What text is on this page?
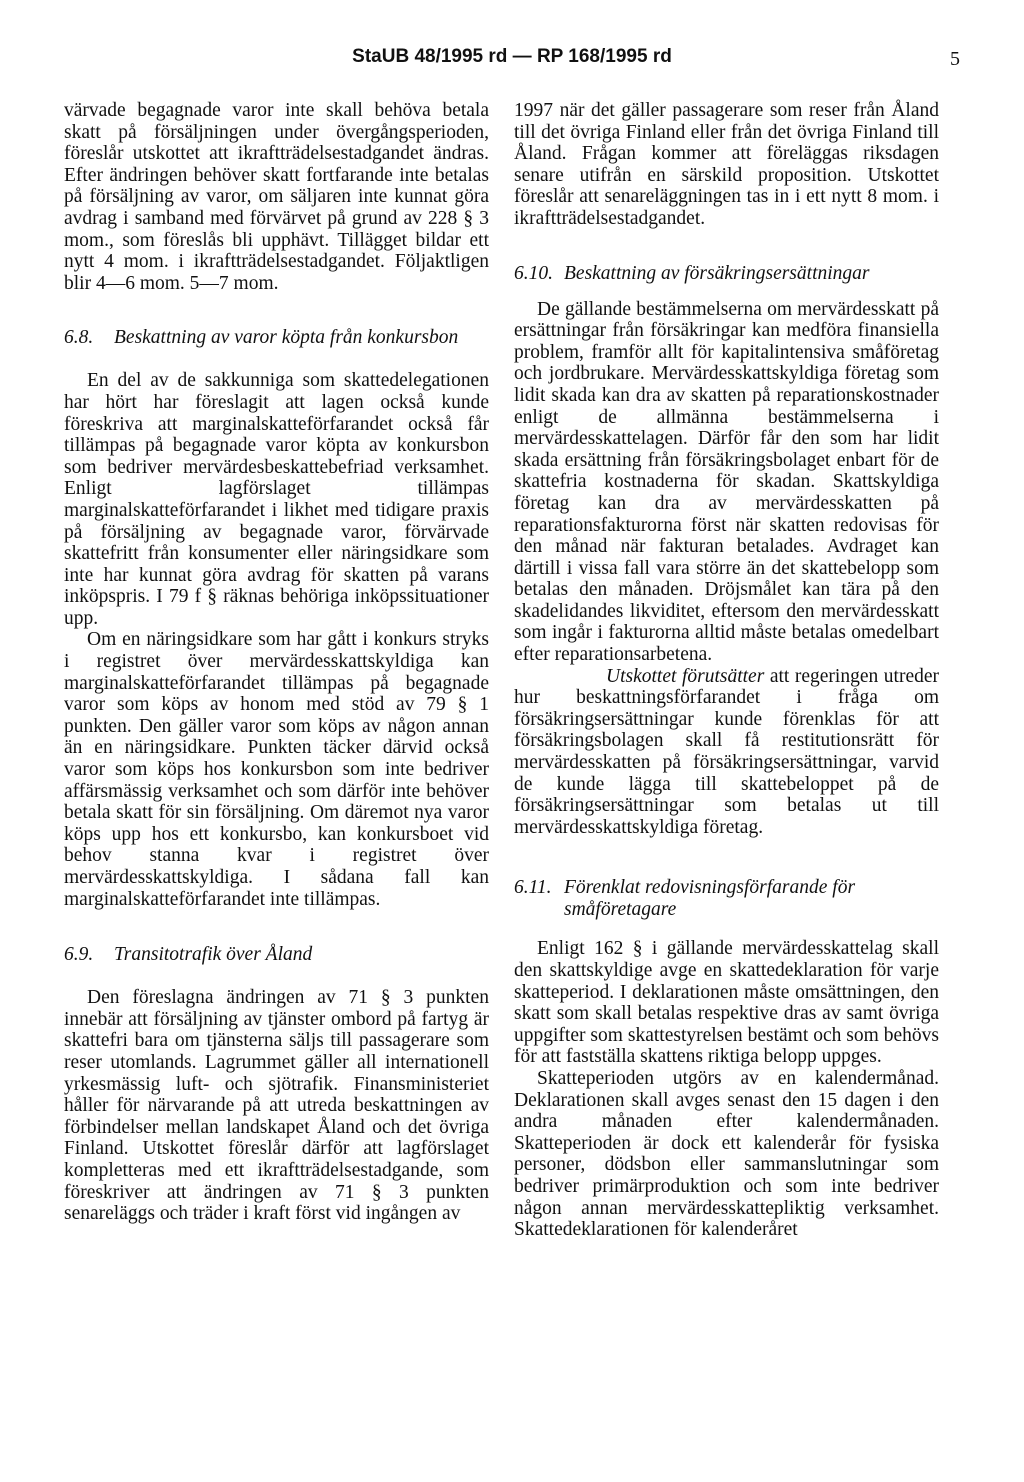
StaUB 48/1995 rd — RP 168/1995 rd	5

värvade begagnade varor inte skall behöva betala skatt på försäljningen under övergångsperioden, föreslår utskottet att ikraftträdelsestadgandet ändras. Efter ändringen behöver skatt fortfarande inte betalas på försäljning av varor, om säljaren inte kunnat göra avdrag i samband med förvärvet på grund av 228 § 3 mom., som föreslås bli upphävt. Tillägget bildar ett nytt 4 mom. i ikraftträdelsestadgandet. Följaktligen blir 4—6 mom. 5—7 mom.

6.8.	Beskattning av varor köpta från konkursbon

En del av de sakkunniga som skattedelegationen har hört har föreslagit att lagen också kunde föreskriva att marginalskatteförfarandet också får tillämpas på begagnade varor köpta av konkursbon som bedriver mervärdesbeskattebefriad verksamhet. Enligt lagförslaget tillämpas marginalskatteförfarandet i likhet med tidigare praxis på försäljning av begagnade varor, förvärvade skattefritt från konsumenter eller näringsidkare som inte har kunnat göra avdrag för skatten på varans inköpspris. I 79 f § räknas behöriga inköpssituationer upp.

Om en näringsidkare som har gått i konkurs stryks i registret över mervärdesskattskyldiga kan marginalskatteförfarandet tillämpas på begagnade varor som köps av honom med stöd av 79 § 1 punkten. Den gäller varor som köps av någon annan än en näringsidkare. Punkten täcker därvid också varor som köps hos konkursbon som inte bedriver affärsmässig verksamhet och som därför inte behöver betala skatt för sin försäljning. Om däremot nya varor köps upp hos ett konkursbo, kan konkursboet vid behov stanna kvar i registret över mervärdesskattskyldiga. I sådana fall kan marginalskatteförfarandet inte tillämpas.

6.9.	Transitotrafik över Åland

Den föreslagna ändringen av 71 § 3 punkten innebär att försäljning av tjänster ombord på fartyg är skattefri bara om tjänsterna säljs till passagerare som reser utomlands. Lagrummet gäller all internationell yrkesmässig luft- och sjötrafik. Finansministeriet håller för närvarande på att utreda beskattningen av förbindelser mellan landskapet Åland och det övriga Finland. Utskottet föreslår därför att lagförslaget kompletteras med ett ikraftträdelsestadgande, som föreskriver att ändringen av 71 § 3 punkten senareläggs och träder i kraft först vid ingången av

1997 när det gäller passagerare som reser från Åland till det övriga Finland eller från det övriga Finland till Åland. Frågan kommer att föreläggas riksdagen senare utifrån en särskild proposition. Utskottet föreslår att senareläggningen tas in i ett nytt 8 mom. i ikraftträdelsestadgandet.

6.10. Beskattning av försäkringsersättningar

De gällande bestämmelserna om mervärdesskatt på ersättningar från försäkringar kan medföra finansiella problem, framför allt för kapitalintensiva småföretag och jordbrukare. Mervärdesskattskyldiga företag som lidit skada kan dra av skatten på reparationskostnader enligt de allmänna bestämmelserna i mervärdesskattelagen. Därför får den som har lidit skada ersättning från försäkringsbolaget enbart för de skattefria kostnaderna för skadan. Skattskyldiga företag kan dra av mervärdesskatten på reparationsfakturorna först när skatten redovisas för den månad när fakturan betalades. Avdraget kan därtill i vissa fall vara större än det skattebelopp som betalas den månaden. Dröjsmålet kan tära på den skadelidandes likviditet, eftersom den mervärdesskatt som ingår i fakturorna alltid måste betalas omedelbart efter reparationsarbetena.

Utskottet förutsätter att regeringen utreder hur beskattningsförfarandet i fråga om försäkringsersättningar kunde förenklas för att försäkringsbolagen skall få restitutionsrätt för mervärdesskatten på försäkringsersättningar, varvid de kunde lägga till skattebeloppet på de försäkringsersättningar som betalas ut till mervärdesskattskyldiga företag.

6.11. Förenklat redovisningsförfarande för småföretagare

Enligt 162 § i gällande mervärdesskattelag skall den skattskyldige avge en skattedeklaration för varje skatteperiod. I deklarationen måste omsättningen, den skatt som skall betalas respektive dras av samt övriga uppgifter som skattestyrelsen bestämt och som behövs för att fastställa skattens riktiga belopp uppges.

Skatteperioden utgörs av en kalendermånad. Deklarationen skall avges senast den 15 dagen i den andra månaden efter kalendermånaden. Skatteperioden är dock ett kalenderår för fysiska personer, dödsbon eller sammanslutningar som bedriver primärproduktion och som inte bedriver någon annan mervärdesskattepliktig verksamhet. Skattedeklarationen för kalenderåret
